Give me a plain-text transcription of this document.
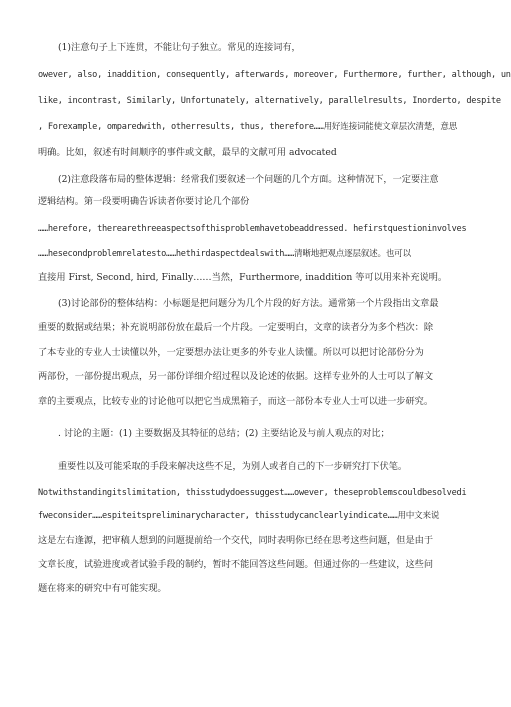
(1)注意句子上下连贯，不能让句子独立。常见的连接词有，
owever, also, inaddition, consequently, afterwards, moreover, Furthermore, further, although, un
like, incontrast, Similarly, Unfortunately, alternatively, parallelresults, Inorderto, despite
, Forexample, omparedwith, otherresults, thus, therefore……用好连接词能使文章层次清楚，意思
明确。比如，叙述有时间顺序的事件或文献，最早的文献可用 advocated
(2)注意段落布局的整体逻辑：经常我们要叙述一个问题的几个方面。这种情况下，一定要注意
逻辑结构。第一段要明确告诉读者你要讨论几个部份
……herefore, therearethreeaspectsofthisproblemhavetobeaddressed. hefirstquestioninvolves
……hesecondproblemrelatesto……hethirdaspectdealswith……清晰地把观点逐层叙述。也可以
直接用 First, Second, hird, Finally……当然，Furthermore, inaddition 等可以用来补充说明。
(3)讨论部份的整体结构：小标题是把问题分为几个片段的好方法。通常第一个片段指出文章最
重要的数据或结果；补充说明部份放在最后一个片段。一定要明白，文章的读者分为多个档次：除
了本专业的专业人士读懂以外，一定要想办法让更多的外专业人读懂。所以可以把讨论部份分为
两部份，一部份提出观点，另一部份详细介绍过程以及论述的依据。这样专业外的人士可以了解文
章的主要观点，比较专业的讨论他可以把它当成黑箱子，而这一部份本专业人士可以进一步研究。
. 讨论的主题：(1) 主要数据及其特征的总结；(2) 主要结论及与前人观点的对比；
重要性以及可能采取的手段来解决这些不足，为别人或者自己的下一步研究打下伏笔。
Notwithstandingitslimitation, thisstudydoessuggest……owever, theseproblemscouldbesolvedi
fweconsider……espiteitspreliminarycharacter, thisstudycanclearlyindicate……用中文来说
这是左右逢源，把审稿人想到的问题提前给一个交代，同时表明你已经在思考这些问题，但是由于
文章长度，试验进度或者试验手段的制约，暂时不能回答这些问题。但通过你的一些建议，这些问
题在将来的研究中有可能实现。
